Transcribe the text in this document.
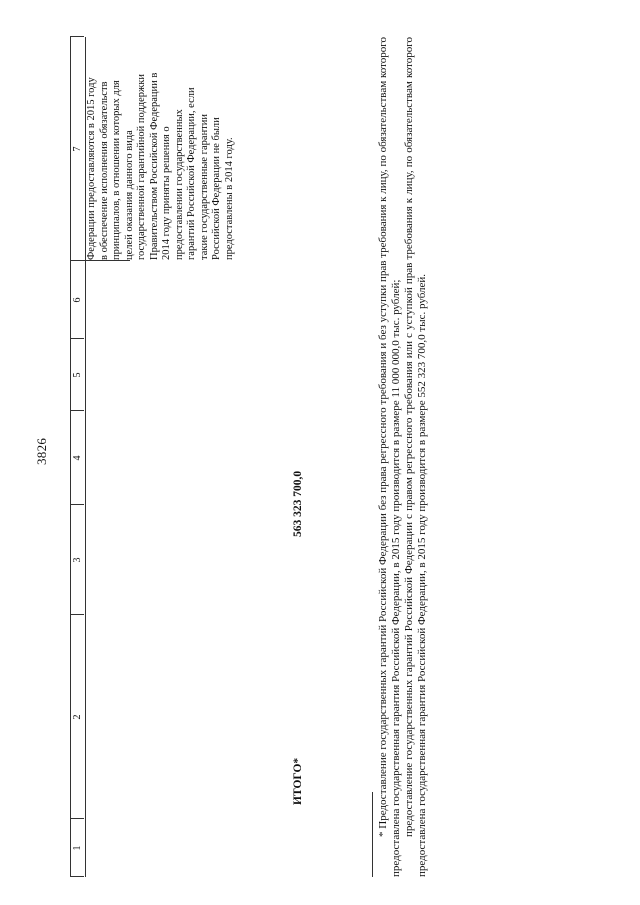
3826
1
2
3
4
5
6
7 Федерации предоставляются в 2015 году в обеспечение исполнения обязательств принципалов, в отношении которых для целей оказания данного вида государственной гарантийной поддержки Правительством Российской Федерации в 2014 году приняты решения о предоставлении государственных гарантий Российской Федерации, если такие государственные гарантии Российской Федерации не были предоставлены в 2014 году.
ИТОГО*
563 323 700,0	* Предоставление государственных гарантий Российской Федерации без права регрессного требования и без уступки прав требования к лицу, по обязательствам которого предоставлена государственная гарантия Российской Федерации, в 2015 году производится в размере 11 000 000,0 тыс. рублей; предоставление государственных гарантий Российской Федерации с правом регрессного требования или с уступкой прав требования к лицу, по обязательствам которого предоставлена государственная гарантия Российской Федерации, в 2015 году производится в размере 552 323 700,0 тыс. рублей.
